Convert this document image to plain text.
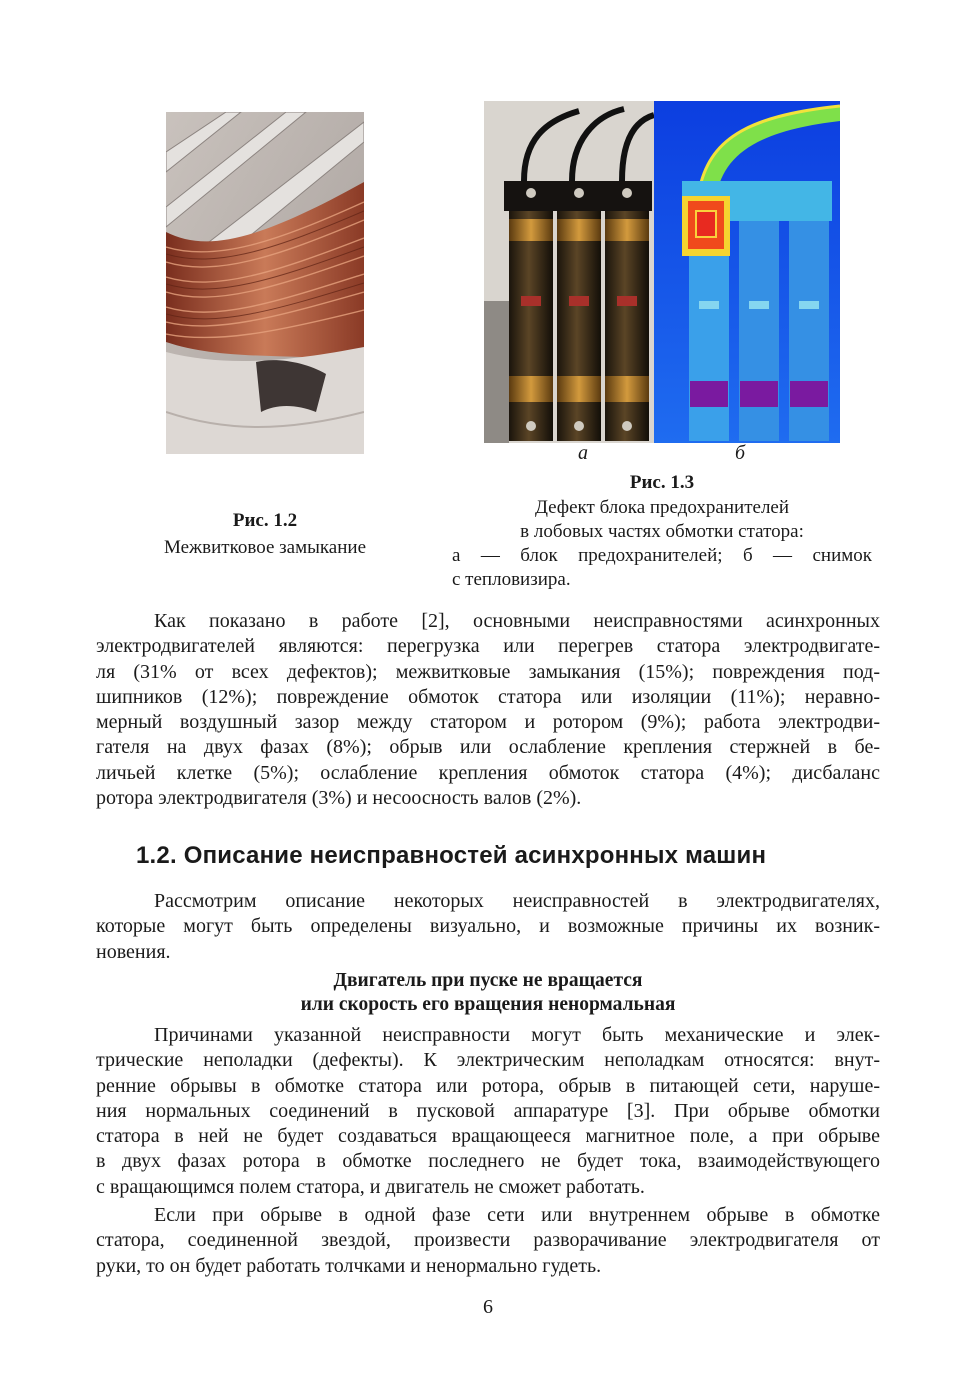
а	б
Рис. 1.2
Межвитковое замыкание
Рис. 1.3
Дефект блока предохранителей
в лобовых частях обмотки статора:
а — блок предохранителей; б — снимок
с тепловизира.
Как показано в работе [2], основными неисправностями асинхронных
электродвигателей являются: перегрузка или перегрев статора электродвигате-
ля (31% от всех дефектов); межвитковые замыкания (15%); повреждения под-
шипников (12%); повреждение обмоток статора или изоляции (11%); неравно-
мерный воздушный зазор между статором и ротором (9%); работа электродви-
гателя на двух фазах (8%); обрыв или ослабление крепления стержней в бе-
личьей клетке (5%); ослабление крепления обмоток статора (4%); дисбаланс
ротора электродвигателя (3%) и несоосность валов (2%).
1.2. Описание неисправностей асинхронных машин
Рассмотрим описание некоторых неисправностей в электродвигателях,
которые могут быть определены визуально, и возможные причины их возник-
новения.
Двигатель при пуске не вращается
или скорость его вращения ненормальная
Причинами указанной неисправности могут быть механические и элек-
трические неполадки (дефекты). К электрическим неполадкам относятся: внут-
ренние обрывы в обмотке статора или ротора, обрыв в питающей сети, наруше-
ния нормальных соединений в пусковой аппаратуре [3]. При обрыве обмотки
статора в ней не будет создаваться вращающееся магнитное поле, а при обрыве
в двух фазах ротора в обмотке последнего не будет тока, взаимодействующего
с вращающимся полем статора, и двигатель не сможет работать.
Если при обрыве в одной фазе сети или внутреннем обрыве в обмотке
статора, соединенной звездой, произвести разворачивание электродвигателя от
руки, то он будет работать толчками и ненормально гудеть.
6
